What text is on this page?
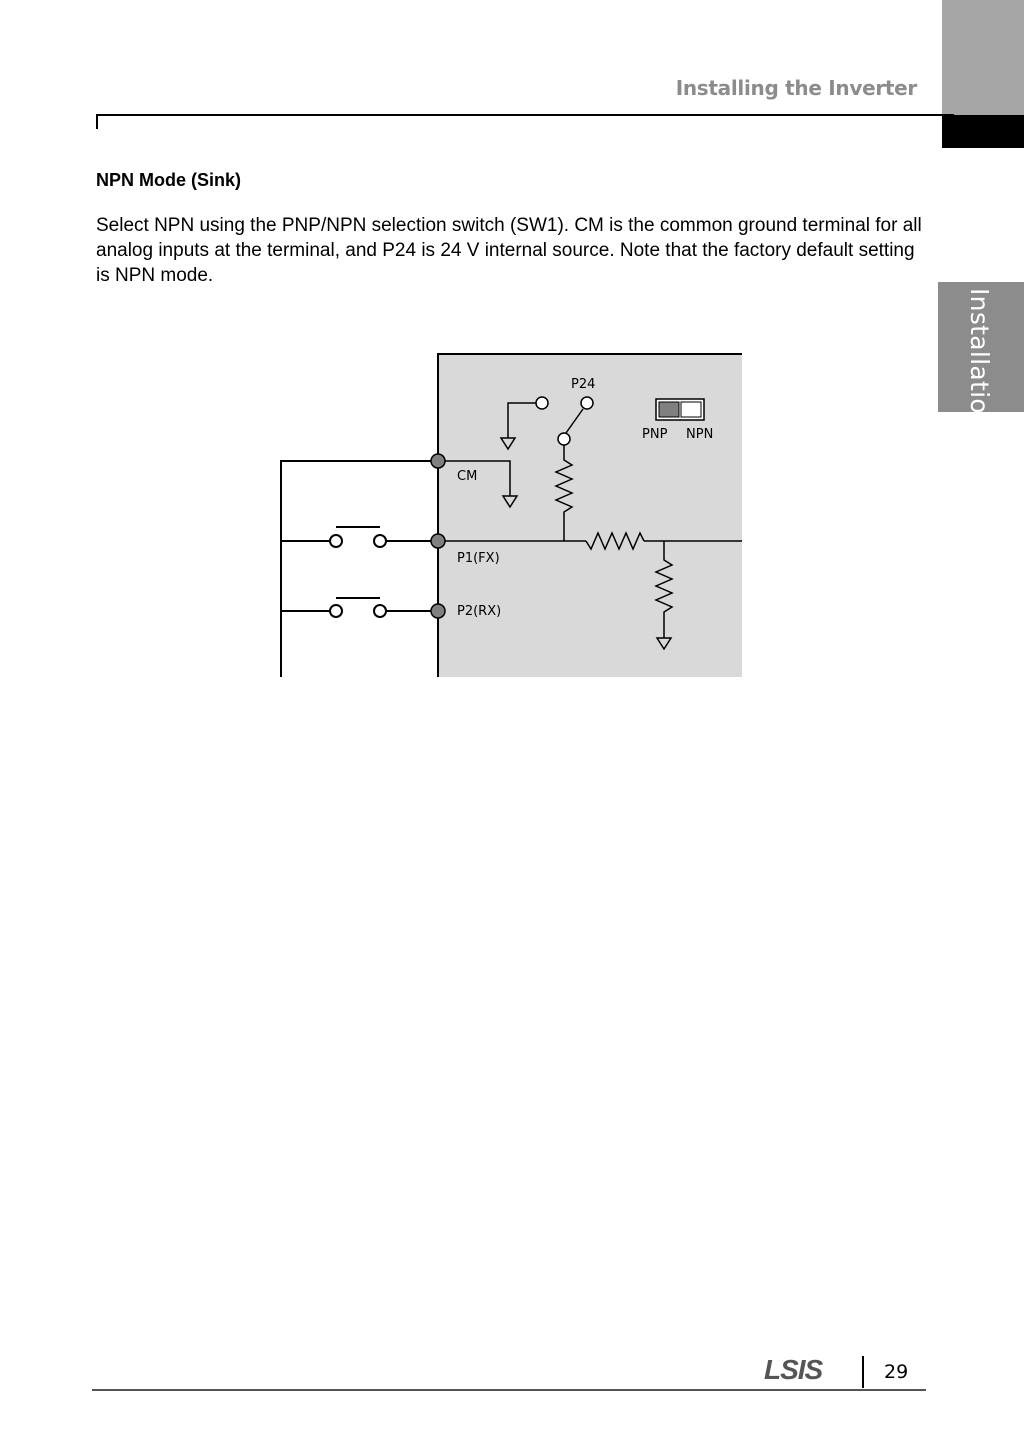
Installing the Inverter
Installation
NPN Mode (Sink)

Select NPN using the PNP/NPN selection switch (SW1). CM is the common ground terminal for all analog inputs at the terminal, and P24 is 24 V internal source. Note that the factory default setting is NPN mode.

P24
PNP NPN
CM
P1(FX)
P2(RX)
LSIS	29
